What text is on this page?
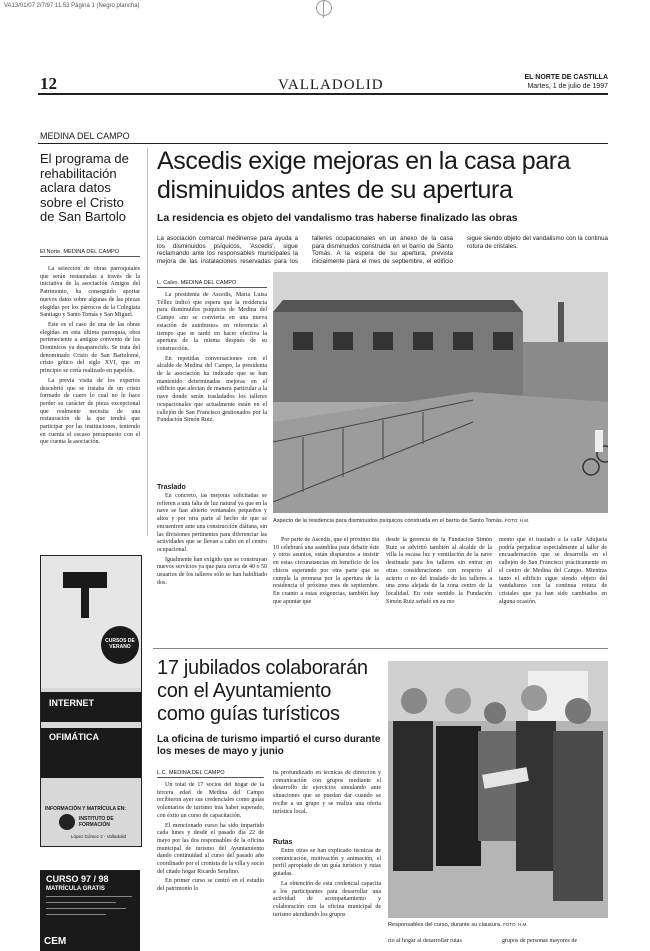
VA13/01/07 2/7/97 11.53 Página 1 (Negro plancha)
12	VALLADOLID	EL NORTE DE CASTILLA
Martes, 1 de julio de 1997
MEDINA DEL CAMPO
El programa de rehabilitación aclara datos sobre el Cristo de San Bartolo
El Norte. MEDINA DEL CAMPO

La selección de obras parroquiales que serán restauradas a través de la iniciativa de la asociación Amigos del Patrimonio, ha conseguido aportar nuevos datos sobre algunas de las piezas elegidas por los párrocos de la Colegiata Santiago y Santo Tomás y San Miguel.

Este es el caso de una de las obras elegidas en esta última parroquia, obra perteneciente a antiguo convento de los Dominicos ya desaparecido. Se trata del denominado Cristo de San Bartolomé, cristo gótico del siglo XVI, que en principio se creía realizado en papelón.

La previa visita de los expertos descubrió que se trataba de un cristo formado de cuero lo cual no le hace perder su carácter de pieza excepcional que realmente necesita de una restauración de la que tendrá que participar por las instituciones, teniendo en cuenta el escaso presupuesto con el que cuenta la asociación.

CURSOS DE VERANO
INTERNET
OFIMÁTICA
INFORMACIÓN Y MATRÍCULA EN:
INSTITUTO DE FORMACIÓN
López Gómez 2 - Valladolid
CURSO 97 / 98
MATRÍCULA GRATIS
CEM
Ascedis exige mejoras en la casa para disminuidos antes de su apertura
La residencia es objeto del vandalismo tras haberse finalizado las obras
La asociación comarcal medinense para ayuda a los disminuidos psíquicos, 'Ascedis', sigue reclamando ante los responsables municipales la mejora de las instalaciones reservadas para los talleres ocupacionales en un anexo de la casa para disminuidos construida en el barrio de Santo Tomás. A la espera de su apertura, prevista inicialmente para el mes de septiembre, el edificio sigue siendo objeto del vandalismo con la continua rotura de cristales.
L. Calvo. MEDINA DEL CAMPO

La presidenta de Ascedis, María Luisa Téllez indicó que espera que la residencia para disminuidos psíquicos de Medina del Campo «no se convierta en una nueva estación de autobuses» en referencia al tiempo que se tardó en hacer efectiva la apertura de la misma después de su construcción.

En repetidas conversaciones con el alcalde de Medina del Campo, la presidenta de la asociación ha indicado que se han mantenido determinadas mejoras en el edificio que afectan de manera particular a la nave donde serán trasladados los talleres ocupacionales que actualmente están en el callejón de San Francisco gestionados por la Fundación Simón Ruiz.

Traslado

En concreto, las mejoras solicitadas se refieren a una falta de luz natural ya que en la nave se han abierto ventanales pequeños y altos y por otra parte al hecho de que se encuentren ante una construcción diáfana, sin las divisiones pertinentes para diferenciar las actividades que se llevan a cabo en el centro ocupacional.

Igualmente han exigido que se construyan nuevos servicios ya que para cerca de 40 o 50 usuarios de los talleres sólo se han habilitado dos.

Aspecto de la residencia para disminuidos psíquicos construida en el barrio de Santo Tomás. FOTO: H.M.

Por parte de Ascedis, que el próximo día 10 celebrará una asamblea para debatir éste y otros asuntos, están dispuestos a insistir en estas circunstancias en beneficio de los chicos esperando por otra parte que se cumpla la promesa por la apertura de la residencia el próximo mes de septiembre. En cuanto a estas exigencias, también hay que apuntar que

desde la gerencia de la Fundación Simón Ruiz se advirtió también al alcalde de la villa la escasa luz y ventilación de la nave destinada para los talleres sin entrar en otras consideraciones con respecto al acierto o no del traslado de los talleres a una zona alejada de la zona centro de la localidad. En este sentido la Fundación Simón Ruiz señaló en su mo

mento que el traslado a la calle Adujuela podría perjudicar especialmente al taller de encuadernación que se desarrolla en el callejón de San Francisco prácticamente en el centro de Medina del Campo. Mientras tanto el edificio sigue siendo objeto del vandalismo con la continua rotura de cristales que ya han sido cambiados en alguna ocasión.

17 jubilados colaborarán con el Ayuntamiento como guías turísticos
La oficina de turismo impartió el curso durante los meses de mayo y junio
L.C. MEDINA DEL CAMPO

Un total de 17 socios del hogar de la tercera edad de Medina del Campo recibieron ayer sus credenciales como guías voluntarios de turismo tras haber superado, con éxito un curso de capacitación.

El mencionado curso ha sido impartido cada lunes y desde el pasado día 22 de mayo por las dos responsables de la oficina municipal de turismo del Ayuntamiento dando continuidad al curso del pasado año coordinado por el cronista de la villa y socio del citado hogar Ricardo Serafino.

En primer curso se centró en el estudio del patrimonio lo

ha profundizado en técnicas de dirección y comunicación con grupos mediante el desarrollo de ejercicios simulando ante situaciones que se puedan dar cuando se recibe a un grupo y se realiza una oferta turística local.

Rutas

Entre otras se han explicado técnicas de comunicación, motivación y animación, el perfil apropiado de un guía turístico y rutas guiadas.

La obtención de esta credencial capacita a los participantes para desarrollar una actividad de acompañamiento y colaboración con la oficina municipal de turismo atendiendo los grupos

Responsables del curso, durante su clausura. FOTO: H.M.

rio al hogar al desarrollar rutas	grupos de personas mayores de
